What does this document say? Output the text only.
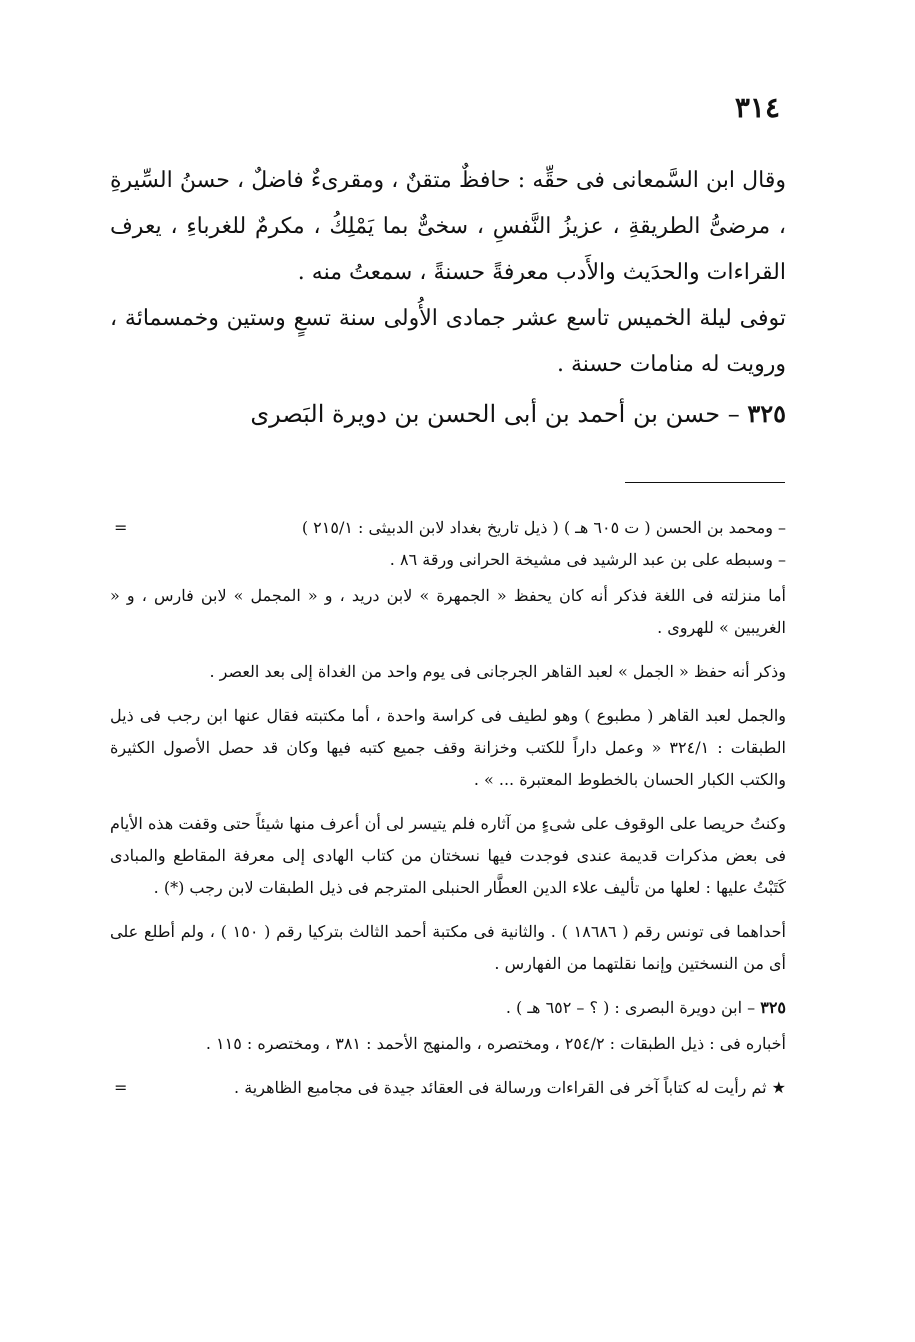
٣١٤

وقال ابن السَّمعانى فى حقِّه : حافظٌ متقنٌ ، ومقرىءٌ فاضلٌ ، حسنُ السِّيرةِ ، مرضىُّ الطريقةِ ، عزيزُ النَّفسِ ، سخىٌّ بما يَمْلِكُ ، مكرمٌ للغرباءِ ، يعرف القراءات والحدَيث والأَدب معرفةً حسنةً ، سمعتُ منه .

توفى ليلة الخميس تاسع عشر جمادى الأُولى سنة تسعٍ وستين وخمسمائة ، ورويت له منامات حسنة .

٣٢٥ – حسن بن أحمد بن أبى الحسن بن دويرة البَصرى
– ومحمد بن الحسن ( ت ٦٠٥ هـ ) ( ذيل تاريخ بغداد لابن الدبيثى : ٢١٥/١ )
=

– وسبطه على بن عبد الرشيد فى مشيخة الحرانى ورقة ٨٦ .

أما منزلته فى اللغة فذكر أنه كان يحفظ « الجمهرة » لابن دريد ، و « المجمل » لابن فارس ، و « الغريبين » للهروى .

وذكر أنه حفظ « الجمل » لعبد القاهر الجرجانى فى يوم واحد من الغداة إلى بعد العصر .

والجمل لعبد القاهر ( مطبوع ) وهو لطيف فى كراسة واحدة ، أما مكتبته فقال عنها ابن رجب فى ذيل الطبقات : ٣٢٤/١ « وعمل داراً للكتب وخزانة وقف جميع كتبه فيها وكان قد حصل الأصول الكثيرة والكتب الكبار الحسان بالخطوط المعتبرة ... » .

وكنتُ حريصا على الوقوف على شىءٍ من آثاره فلم يتيسر لى أن أعرف منها شيئاً حتى وقفت هذه الأيام فى بعض مذكرات قديمة عندى فوجدت فيها نسختان من كتاب الهادى إلى معرفة المقاطع والمبادى كَتَبْتُ عليها : لعلها من تأليف علاء الدين العطَّار الحنبلى المترجم فى ذيل الطبقات لابن رجب (*) .

أحداهما فى تونس رقم ( ١٨٦٨٦ ) . والثانية فى مكتبة أحمد الثالث بتركيا رقم ( ١٥٠ ) ، ولم أطلع على أى من النسختين وإنما نقلتهما من الفهارس .

٣٢٥ – ابن دويرة البصرى : ( ؟ – ٦٥٢ هـ ) .

أخباره فى : ذيل الطبقات : ٢٥٤/٢ ، ومختصره ، والمنهج الأحمد : ٣٨١ ، ومختصره : ١١٥ .

★ ثم رأيت له كتاباً آخر فى القراءات ورسالة فى العقائد جيدة فى مجاميع الظاهرية .
=
